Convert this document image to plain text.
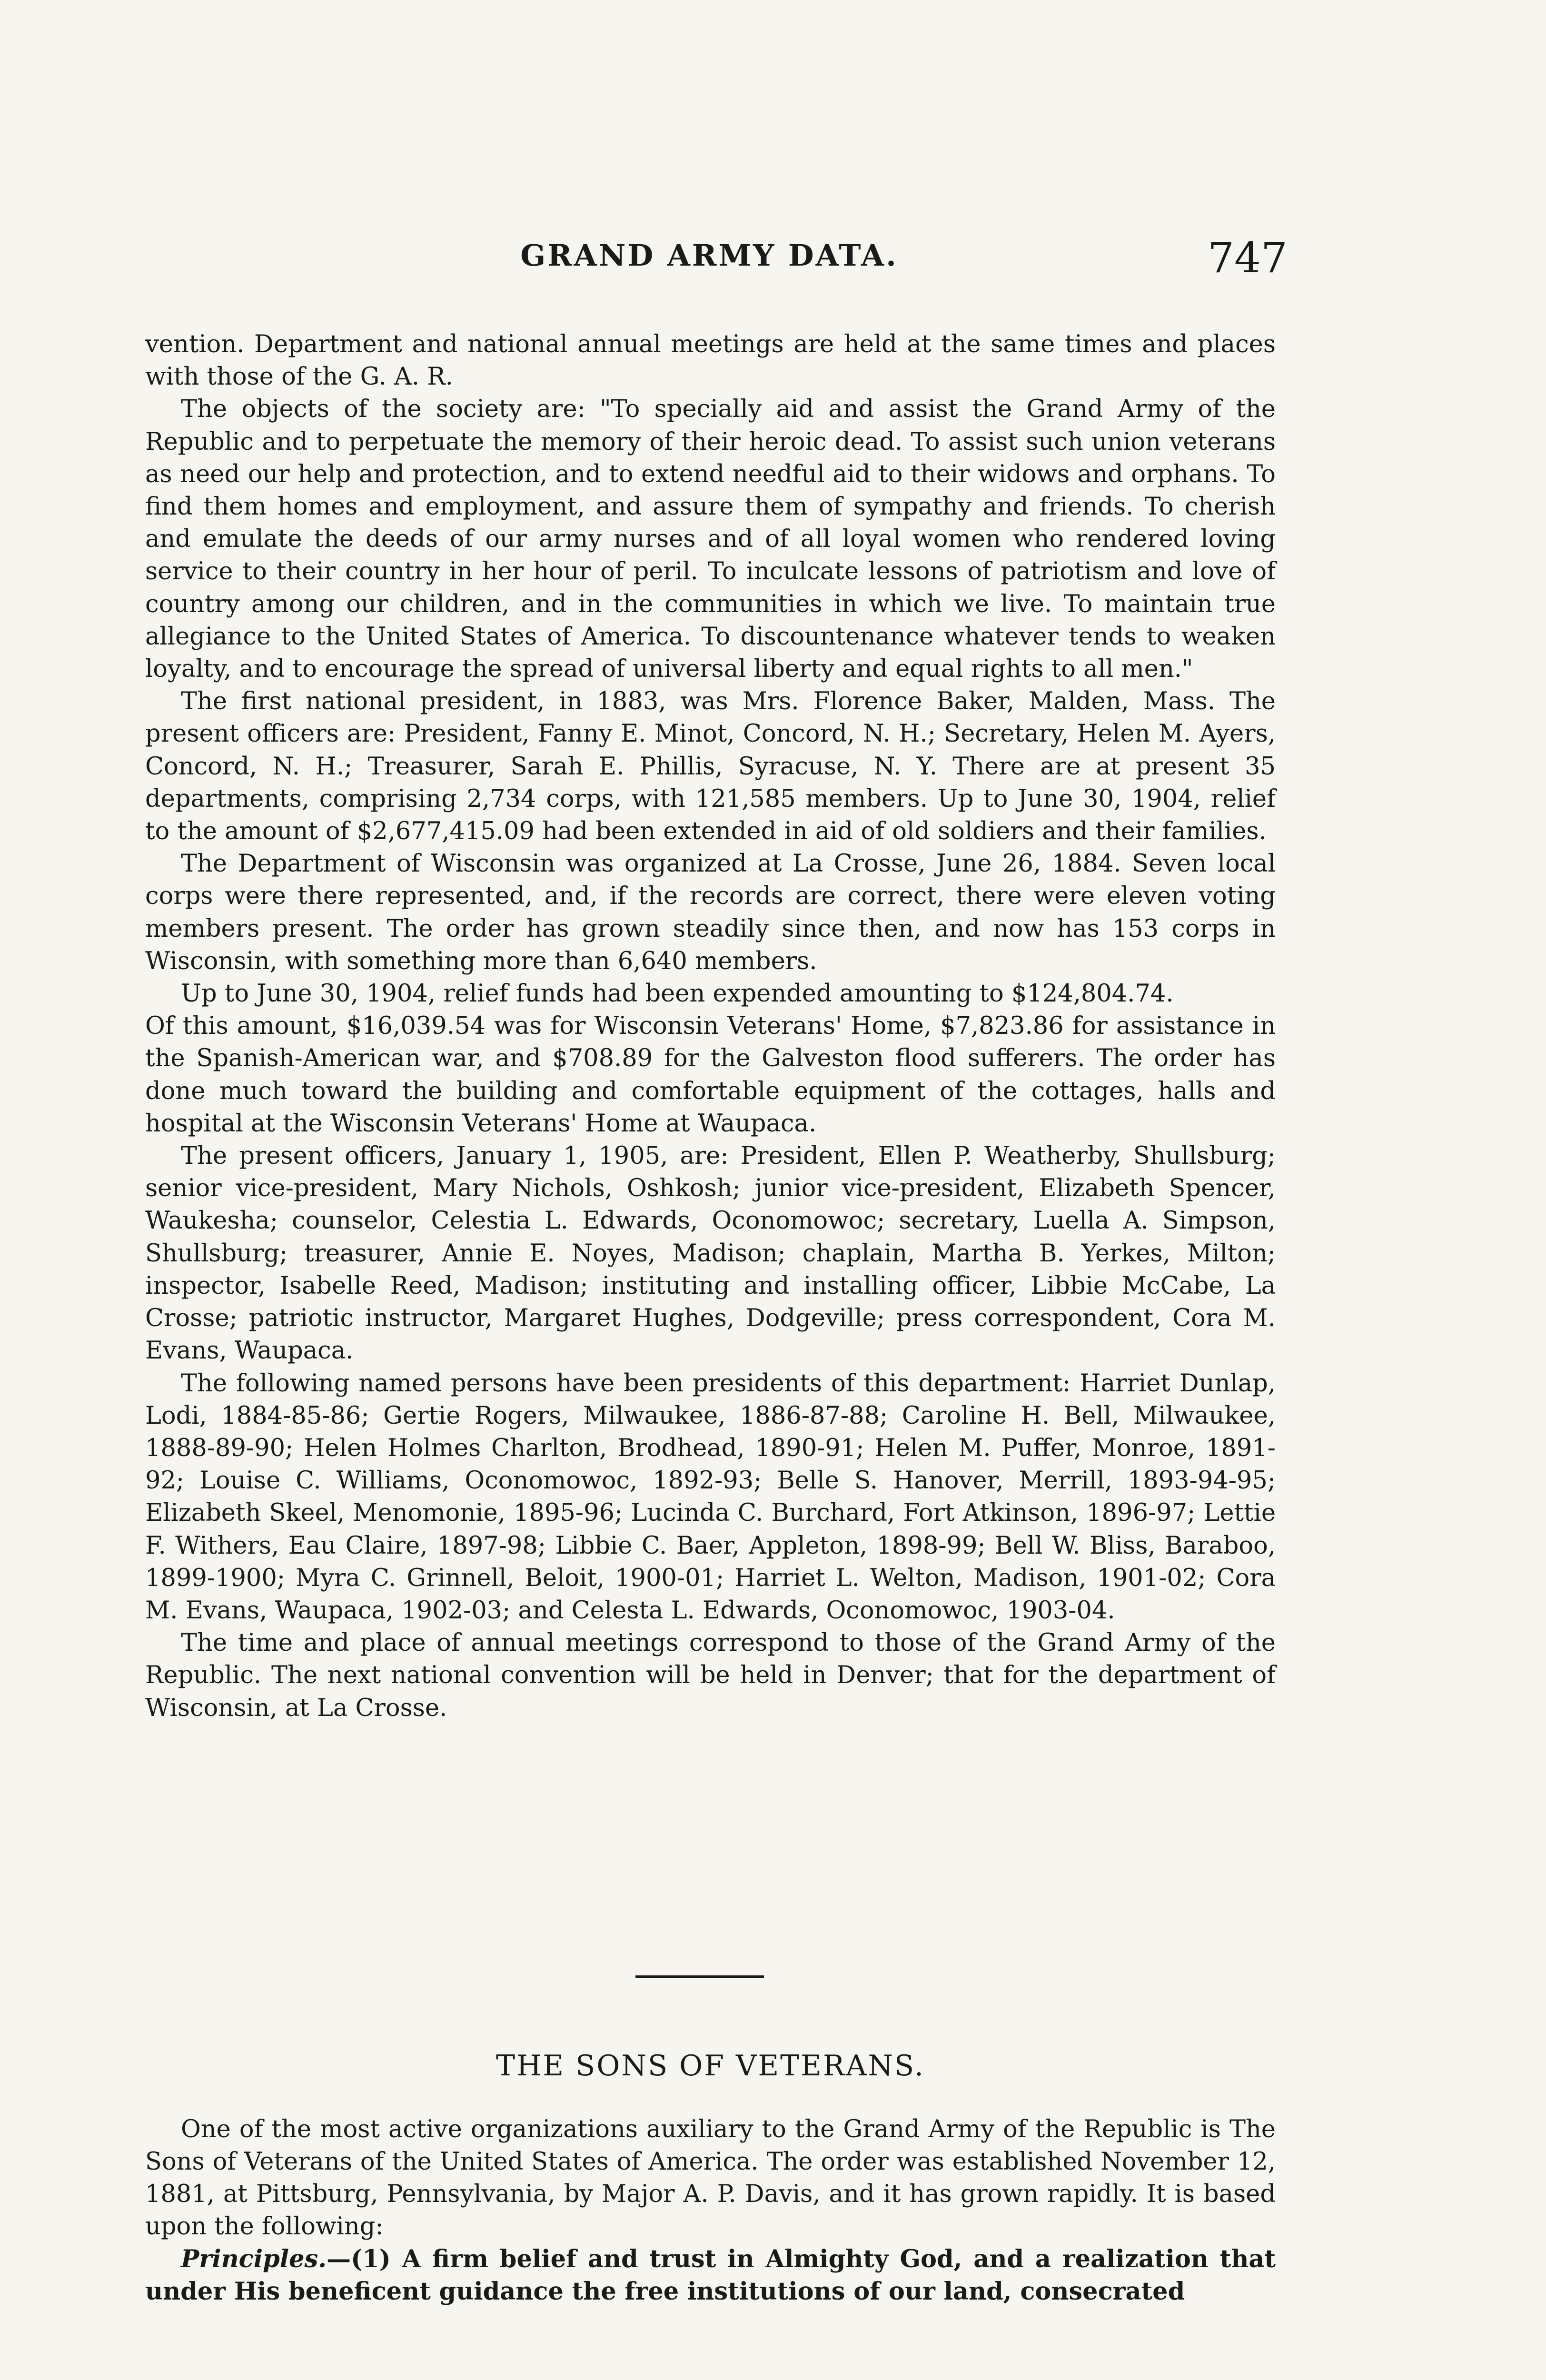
GRAND ARMY DATA.	747

vention. Department and national annual meetings are held at the same times and places with those of the G. A. R.

The objects of the society are: "To specially aid and assist the Grand Army of the Republic and to perpetuate the memory of their heroic dead. To assist such union veterans as need our help and protection, and to extend needful aid to their widows and orphans. To find them homes and employment, and assure them of sympathy and friends. To cherish and emulate the deeds of our army nurses and of all loyal women who rendered loving service to their country in her hour of peril. To inculcate lessons of patriotism and love of country among our children, and in the communities in which we live. To maintain true allegiance to the United States of America. To discountenance whatever tends to weaken loyalty, and to encourage the spread of universal liberty and equal rights to all men."

The first national president, in 1883, was Mrs. Florence Baker, Malden, Mass. The present officers are: President, Fanny E. Minot, Concord, N. H.; Secretary, Helen M. Ayers, Concord, N. H.; Treasurer, Sarah E. Phillis, Syracuse, N. Y. There are at present 35 departments, comprising 2,734 corps, with 121,585 members. Up to June 30, 1904, relief to the amount of $2,677,415.09 had been extended in aid of old soldiers and their families.

The Department of Wisconsin was organized at La Crosse, June 26, 1884. Seven local corps were there represented, and, if the records are correct, there were eleven voting members present. The order has grown steadily since then, and now has 153 corps in Wisconsin, with something more than 6,640 members.

Up to June 30, 1904, relief funds had been expended amounting to $124,804.74.

Of this amount, $16,039.54 was for Wisconsin Veterans' Home, $7,823.86 for assistance in the Spanish-American war, and $708.89 for the Galveston flood sufferers. The order has done much toward the building and comfortable equipment of the cottages, halls and hospital at the Wisconsin Veterans' Home at Waupaca.

The present officers, January 1, 1905, are: President, Ellen P. Weatherby, Shullsburg; senior vice-president, Mary Nichols, Oshkosh; junior vice-president, Elizabeth Spencer, Waukesha; counselor, Celestia L. Edwards, Oconomowoc; secretary, Luella A. Simpson, Shullsburg; treasurer, Annie E. Noyes, Madison; chaplain, Martha B. Yerkes, Milton; inspector, Isabelle Reed, Madison; instituting and installing officer, Libbie McCabe, La Crosse; patriotic instructor, Margaret Hughes, Dodgeville; press correspondent, Cora M. Evans, Waupaca.

The following named persons have been presidents of this department: Harriet Dunlap, Lodi, 1884-85-86; Gertie Rogers, Milwaukee, 1886-87-88; Caroline H. Bell, Milwaukee, 1888-89-90; Helen Holmes Charlton, Brodhead, 1890-91; Helen M. Puffer, Monroe, 1891-92; Louise C. Williams, Oconomowoc, 1892-93; Belle S. Hanover, Merrill, 1893-94-95; Elizabeth Skeel, Menomonie, 1895-96; Lucinda C. Burchard, Fort Atkinson, 1896-97; Lettie F. Withers, Eau Claire, 1897-98; Libbie C. Baer, Appleton, 1898-99; Bell W. Bliss, Baraboo, 1899-1900; Myra C. Grinnell, Beloit, 1900-01; Harriet L. Welton, Madison, 1901-02; Cora M. Evans, Waupaca, 1902-03; and Celesta L. Edwards, Oconomowoc, 1903-04.

The time and place of annual meetings correspond to those of the Grand Army of the Republic. The next national convention will be held in Denver; that for the department of Wisconsin, at La Crosse.

THE SONS OF VETERANS.

One of the most active organizations auxiliary to the Grand Army of the Republic is The Sons of Veterans of the United States of America. The order was established November 12, 1881, at Pittsburg, Pennsylvania, by Major A. P. Davis, and it has grown rapidly. It is based upon the following:

Principles.—(1) A firm belief and trust in Almighty God, and a realization that under His beneficent guidance the free institutions of our land, consecrated
